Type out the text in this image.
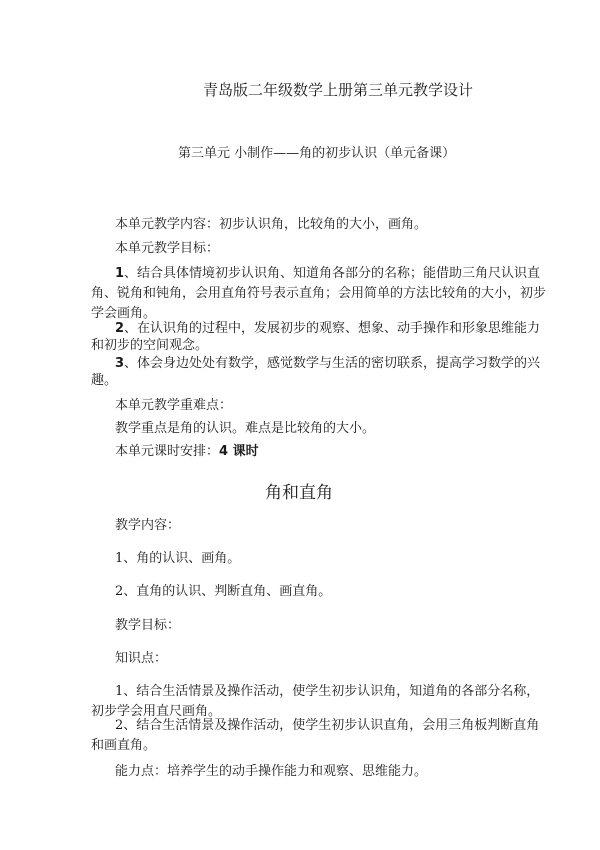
青岛版二年级数学上册第三单元教学设计
第三单元 小制作——角的初步认识（单元备课）
本单元教学内容：初步认识角，比较角的大小，画角。
本单元教学目标：
1、结合具体情境初步认识角、知道角各部分的名称；能借助三角尺认识直
角、锐角和钝角，会用直角符号表示直角；会用简单的方法比较角的大小，初步
学会画角。
2、在认识角的过程中，发展初步的观察、想象、动手操作和形象思维能力
和初步的空间观念。
3、体会身边处处有数学，感觉数学与生活的密切联系，提高学习数学的兴
趣。
本单元教学重难点：
教学重点是角的认识。难点是比较角的大小。
本单元课时安排：4 课时
角和直角
教学内容：
1、角的认识、画角。
2、直角的认识、判断直角、画直角。
教学目标：
知识点：
1、结合生活情景及操作活动，使学生初步认识角，知道角的各部分名称，
初步学会用直尺画角。
2、结合生活情景及操作活动，使学生初步认识直角，会用三角板判断直角
和画直角。
能力点：培养学生的动手操作能力和观察、思维能力。
